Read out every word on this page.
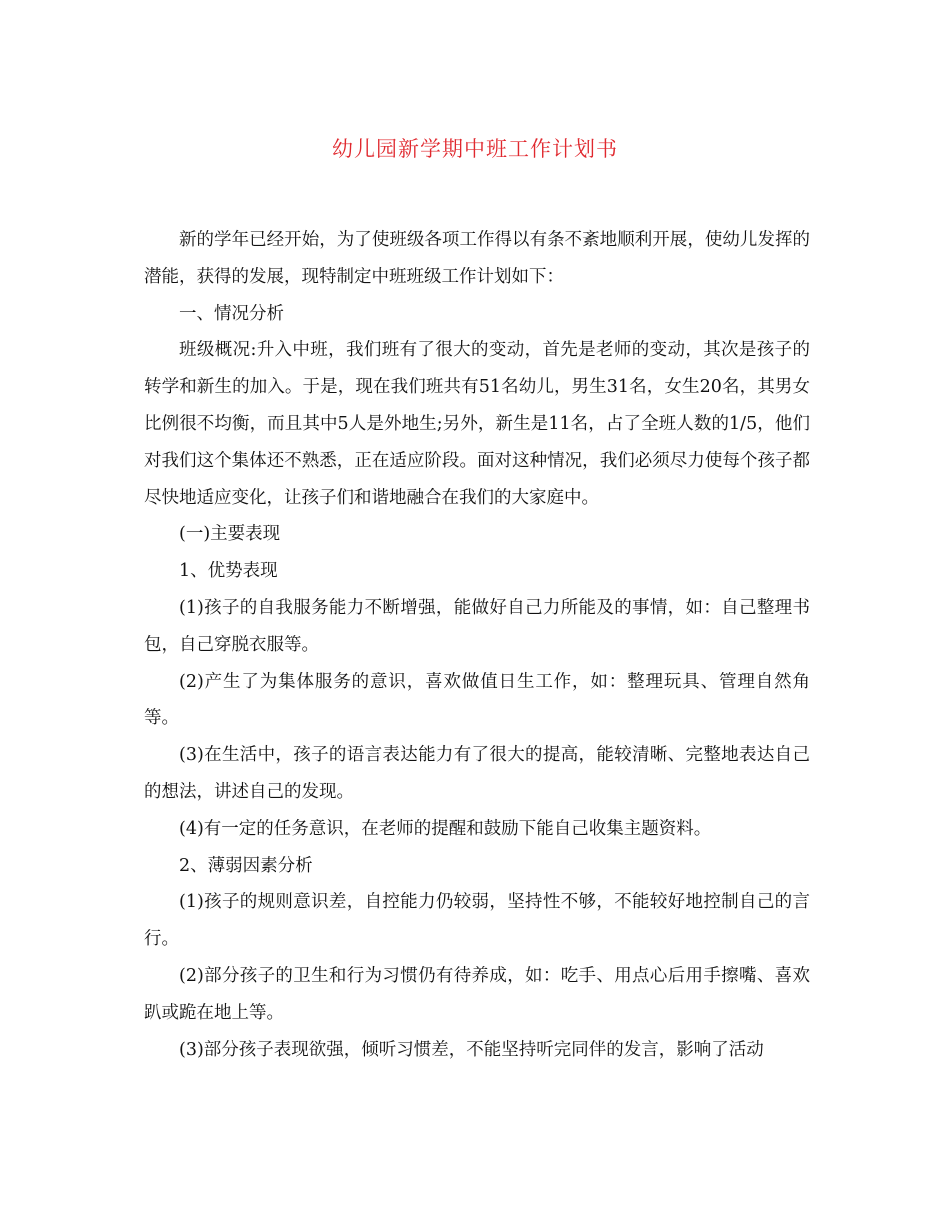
幼儿园新学期中班工作计划书

新的学年已经开始，为了使班级各项工作得以有条不紊地顺利开展，使幼儿发挥的潜能，获得的发展，现特制定中班班级工作计划如下：

一、情况分析

班级概况:升入中班，我们班有了很大的变动，首先是老师的变动，其次是孩子的转学和新生的加入。于是，现在我们班共有51名幼儿，男生31名，女生20名，其男女比例很不均衡，而且其中5人是外地生;另外，新生是11名，占了全班人数的1/5，他们对我们这个集体还不熟悉，正在适应阶段。面对这种情况，我们必须尽力使每个孩子都尽快地适应变化，让孩子们和谐地融合在我们的大家庭中。

(一)主要表现

1、优势表现

(1)孩子的自我服务能力不断增强，能做好自己力所能及的事情，如：自己整理书包，自己穿脱衣服等。

(2)产生了为集体服务的意识，喜欢做值日生工作，如：整理玩具、管理自然角等。

(3)在生活中，孩子的语言表达能力有了很大的提高，能较清晰、完整地表达自己的想法，讲述自己的发现。

(4)有一定的任务意识，在老师的提醒和鼓励下能自己收集主题资料。

2、薄弱因素分析

(1)孩子的规则意识差，自控能力仍较弱，坚持性不够，不能较好地控制自己的言行。

(2)部分孩子的卫生和行为习惯仍有待养成，如：吃手、用点心后用手擦嘴、喜欢趴或跪在地上等。

(3)部分孩子表现欲强，倾听习惯差，不能坚持听完同伴的发言，影响了活动
